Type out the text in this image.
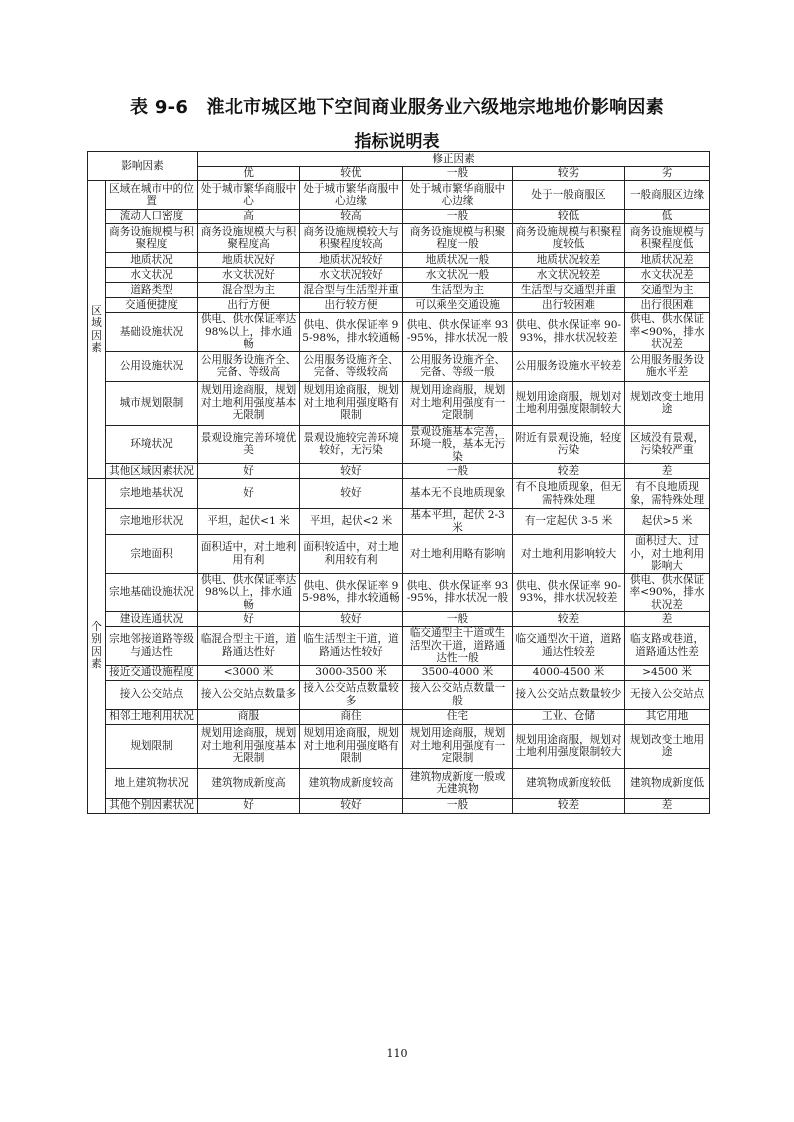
表 9-6　淮北市城区地下空间商业服务业六级地宗地地价影响因素
指标说明表
影响因素		修正因素				
		优	较优	一般	较劣	劣
区
域
因
素	区域在城市中的位置	处于城市繁华商服中心	处于城市繁华商服中心边缘	处于城市繁华商服中心边缘	处于一般商服区	一般商服区边缘
	流动人口密度	高	较高	一般	较低	低
	商务设施规模与积聚程度	商务设施规模大与积聚程度高	商务设施规模较大与积聚程度较高	商务设施规模与积聚程度一般	商务设施规模与积聚程度较低	商务设施规模与积聚程度低
	地质状况	地质状况好	地质状况较好	地质状况一般	地质状况较差	地质状况差
	水文状况	水文状况好	水文状况较好	水文状况一般	水文状况较差	水文状况差
	道路类型	混合型为主	混合型与生活型并重	生活型为主	生活型与交通型并重	交通型为主
	交通便捷度	出行方便	出行较方便	可以乘坐交通设施	出行较困难	出行很困难
	基础设施状况	供电、供水保证率达98%以上，排水通畅	供电、供水保证率 95-98%，排水较通畅	供电、供水保证率 93-95%，排水状况一般	供电、供水保证率 90-93%，排水状况较差	供电、供水保证率<90%，排水状况差
	公用设施状况	公用服务设施齐全、完备、等级高	公用服务设施齐全、完备、等级较高	公用服务设施齐全、完备、等级一般	公用服务设施水平较差	公用服务服务设施水平差
	城市规划限制	规划用途商服，规划对土地利用强度基本无限制	规划用途商服，规划对土地利用强度略有限制	规划用途商服，规划对土地利用强度有一定限制	规划用途商服，规划对土地利用强度限制较大	规划改变土地用途
	环境状况	景观设施完善环境优美	景观设施较完善环境较好，无污染	景观设施基本完善，环境一般，基本无污染	附近有景观设施，轻度污染	区域没有景观，污染较严重
	其他区域因素状况	好	较好	一般	较差	差
个
别
因
素	宗地地基状况	好	较好	基本无不良地质现象	有不良地质现象，但无需特殊处理	有不良地质现象，需特殊处理
	宗地地形状况	平坦，起伏<1 米	平坦，起伏<2 米	基本平坦，起伏 2-3 米	有一定起伏 3-5 米	起伏>5 米
	宗地面积	面积适中，对土地利用有利	面积较适中，对土地利用较有利	对土地利用略有影响	对土地利用影响较大	面积过大、过小，对土地利用影响大
	宗地基础设施状况	供电、供水保证率达98%以上，排水通畅	供电、供水保证率 95-98%，排水较通畅	供电、供水保证率 93-95%，排水状况一般	供电、供水保证率 90-93%，排水状况较差	供电、供水保证率<90%，排水状况差
	建设连通状况	好	较好	一般	较差	差
	宗地邻接道路等级与通达性	临混合型主干道，道路通达性好	临生活型主干道，道路通达性较好	临交通型主干道或生活型次干道，道路通达性一般	临交通型次干道，道路通达性较差	临支路或巷道，道路通达性差
	接近交通设施程度	<3000 米	3000-3500 米	3500-4000 米	4000-4500 米	>4500 米
	接入公交站点	接入公交站点数量多	接入公交站点数量较多	接入公交站点数量一般	接入公交站点数量较少	无接入公交站点
	相邻土地利用状况	商服	商住	住宅	工业、仓储	其它用地
	规划限制	规划用途商服，规划对土地利用强度基本无限制	规划用途商服，规划对土地利用强度略有限制	规划用途商服，规划对土地利用强度有一定限制	规划用途商服，规划对土地利用强度限制较大	规划改变土地用途
	地上建筑物状况	建筑物成新度高	建筑物成新度较高	建筑物成新度一般或无建筑物	建筑物成新度较低	建筑物成新度低
	其他个别因素状况	好	较好	一般	较差	差
110
